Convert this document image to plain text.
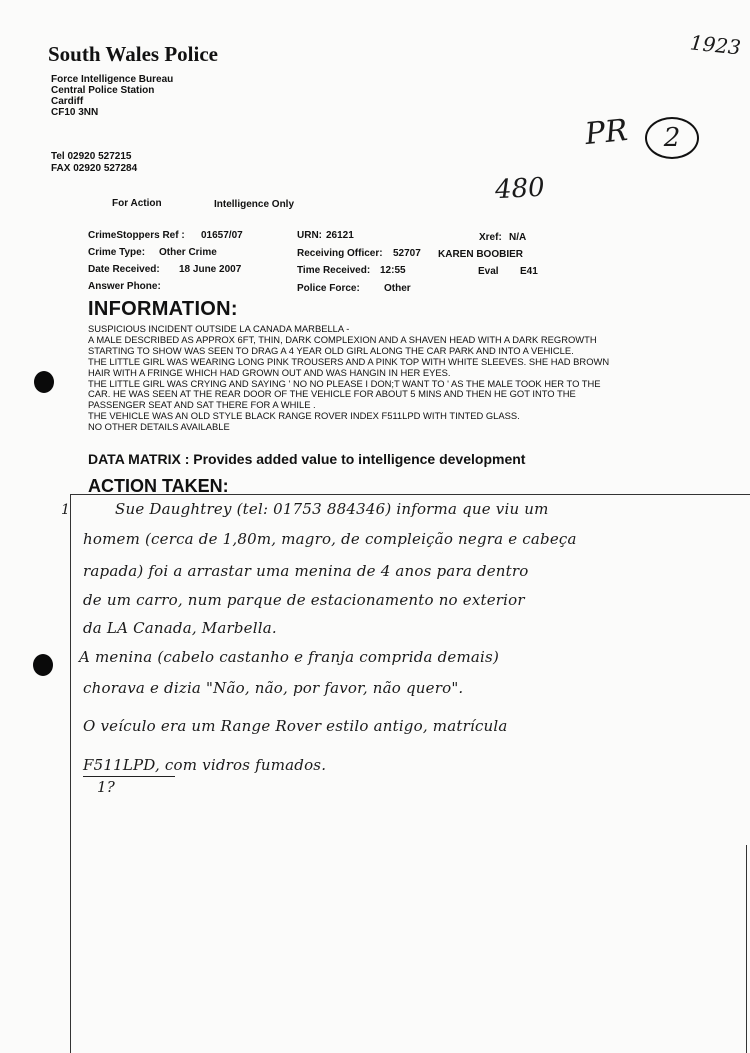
South Wales Police
Force Intelligence Bureau
Central Police Station
Cardiff
CF10 3NN
Tel 02920 527215
FAX 02920 527284
1923
PR	2
480
For Action	Intelligence Only
CrimeStoppers Ref : 01657/07	URN: 26121	Xref: N/A
Crime Type: Other Crime	Receiving Officer: 52707 KAREN BOOBIER
Date Received: 18 June 2007	Time Received: 12:55	Eval E41
Answer Phone:	Police Force: Other
INFORMATION:
SUSPICIOUS INCIDENT OUTSIDE LA CANADA MARBELLA -
A MALE DESCRIBED AS APPROX 6FT, THIN, DARK COMPLEXION AND A SHAVEN HEAD WITH A DARK REGROWTH
STARTING TO SHOW WAS SEEN TO DRAG A 4 YEAR OLD GIRL ALONG THE CAR PARK AND INTO A VEHICLE.
THE LITTLE GIRL WAS WEARING LONG PINK TROUSERS AND A PINK TOP WITH WHITE SLEEVES. SHE HAD BROWN
HAIR WITH A FRINGE WHICH HAD GROWN OUT AND WAS HANGIN IN HER EYES.
THE LITTLE GIRL WAS CRYING AND SAYING ' NO NO PLEASE I DON;T WANT TO ' AS THE MALE TOOK HER TO THE
CAR. HE WAS SEEN AT THE REAR DOOR OF THE VEHICLE FOR ABOUT 5 MINS AND THEN HE GOT INTO THE
PASSENGER SEAT AND SAT THERE FOR A WHILE .
THE VEHICLE WAS AN OLD STYLE BLACK RANGE ROVER INDEX F511LPD WITH TINTED GLASS.
NO OTHER DETAILS AVAILABLE
DATA MATRIX : Provides added value to intelligence development
ACTION TAKEN:
1	Sue Daughtrey (tel: 01753 884346) informa que viu um
homem (cerca de 1,80m, magro, de compleição negra e cabeça
rapada) foi a arrastar uma menina de 4 anos para dentro
de um carro, num parque de estacionamento no exterior
da LA Canada, Marbella.
A menina (cabelo castanho e franja comprida demais)
chorava e dizia "Não, não, por favor, não quero".
O veículo era um Range Rover estilo antigo, matrícula
F511LPD, com vidros fumados.
1?
